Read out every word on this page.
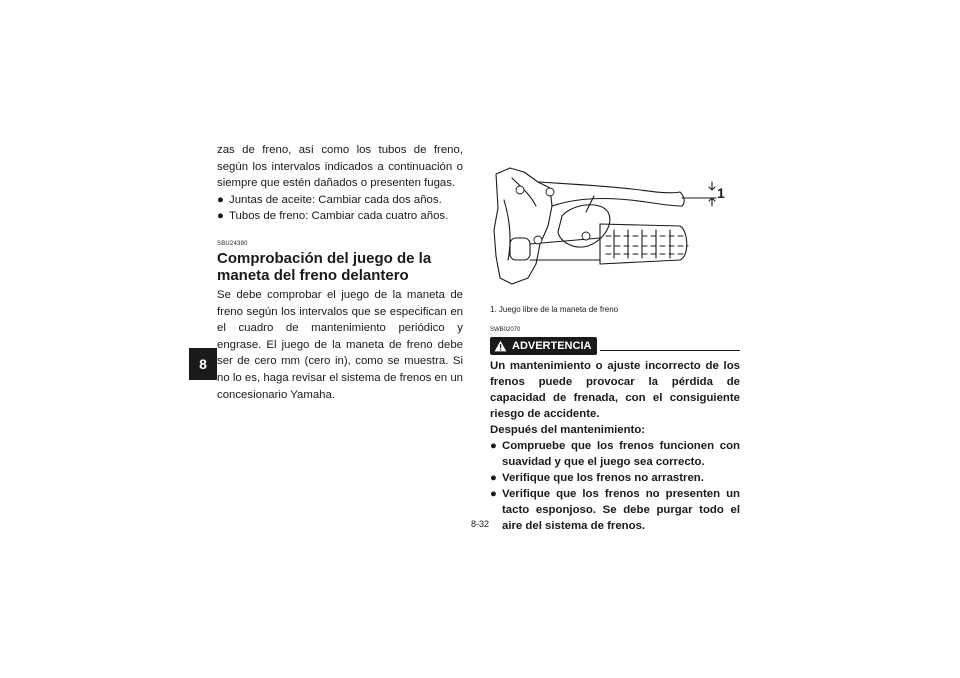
8

zas de freno, así como los tubos de freno, según los intervalos indicados a continuación o siempre que estén dañados o presenten fugas.

● Juntas de aceite: Cambiar cada dos años.
● Tubos de freno: Cambiar cada cuatro años.
SBU24390
Comprobación del juego de la maneta del freno delantero

Se debe comprobar el juego de la maneta de freno según los intervalos que se especifican en el cuadro de mantenimiento periódico y engrase. El juego de la maneta de freno debe ser de cero mm (cero in), como se muestra. Si no lo es, haga revisar el sistema de frenos en un concesionario Yamaha.

1
1. Juego libre de la maneta de freno
SWB02070
ADVERTENCIA

Un mantenimiento o ajuste incorrecto de los frenos puede provocar la pérdida de capacidad de frenada, con el consiguiente riesgo de accidente.

Después del mantenimiento:

● Compruebe que los frenos funcionen con suavidad y que el juego sea correcto.
● Verifique que los frenos no arrastren.
● Verifique que los frenos no presenten un tacto esponjoso. Se debe purgar todo el aire del sistema de frenos.
8-32
